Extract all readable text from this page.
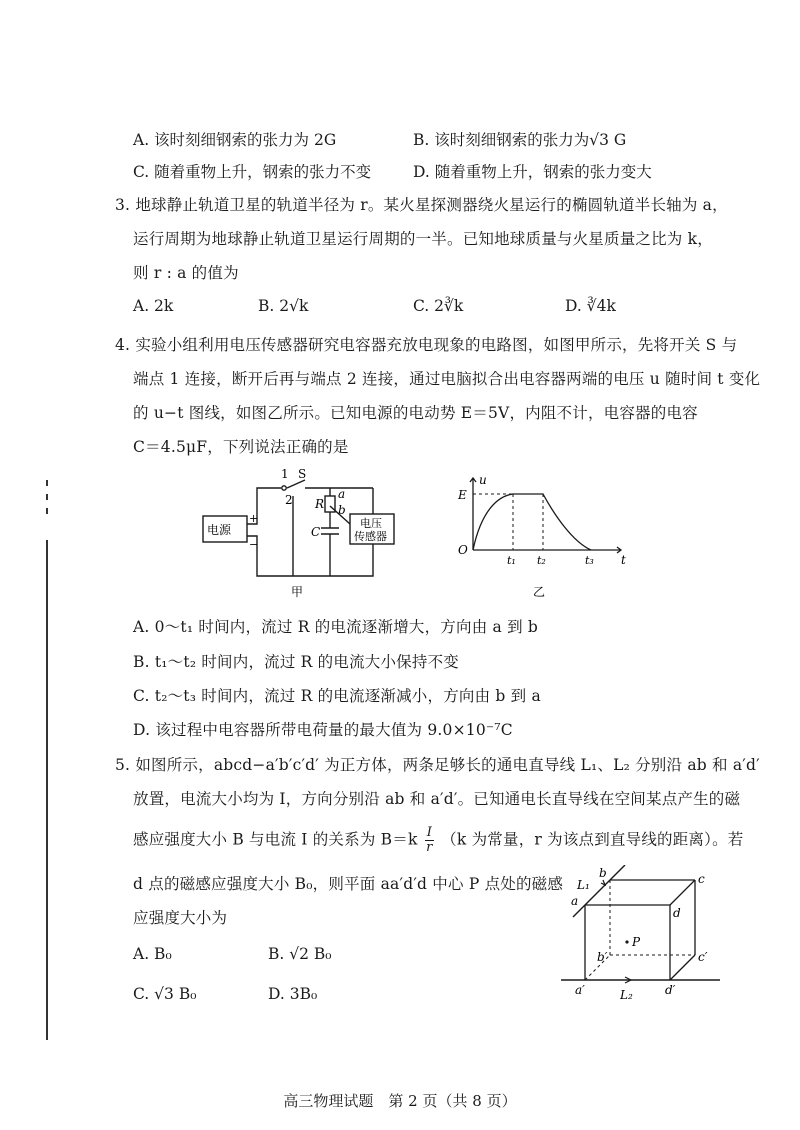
A. 该时刻细钢索的张力为 2G	B. 该时刻细钢索的张力为√3 G
C. 随着重物上升，钢索的张力不变	D. 随着重物上升，钢索的张力变大
3. 地球静止轨道卫星的轨道半径为 r。某火星探测器绕火星运行的椭圆轨道半长轴为 a，
运行周期为地球静止轨道卫星运行周期的一半。已知地球质量与火星质量之比为 k，
则 r : a 的值为
A. 2k	B. 2√k	C. 2∛k	D. ∛4k
4. 实验小组利用电压传感器研究电容器充放电现象的电路图，如图甲所示，先将开关 S 与
端点 1 连接，断开后再与端点 2 连接，通过电脑拟合出电容器两端的电压 u 随时间 t 变化
的 u−t 图线，如图乙所示。已知电源的电动势 E＝5V，内阻不计，电容器的电容
C＝4.5μF，下列说法正确的是
1 S
2 R
a
b
C
+
−
电源	电压
传感器
甲
u
t
E
O
t₁ t₂	t₃
乙
A. 0～t₁ 时间内，流过 R 的电流逐渐增大，方向由 a 到 b
B. t₁～t₂ 时间内，流过 R 的电流大小保持不变
C. t₂～t₃ 时间内，流过 R 的电流逐渐减小，方向由 b 到 a
D. 该过程中电容器所带电荷量的最大值为 9.0×10⁻⁷C
5. 如图所示，abcd−a′b′c′d′ 为正方体，两条足够长的通电直导线 L₁、L₂ 分别沿 ab 和 a′d′
放置，电流大小均为 I，方向分别沿 ab 和 a′d′。已知通电长直导线在空间某点产生的磁
感应强度大小 B 与电流 I 的关系为 $B=k \frac{I}{r} (k$ 为常量，r 为该点到直导线的距离）。若
d 点的磁感应强度大小 B₀，则平面 aa′d′d 中心 P 点处的磁感
应强度大小为
A. B₀	B. √2 B₀
C. √3 B₀	D. 3B₀
a
b	c
d
a′
b′	c′
d′
P
L₁
L₂
高三物理试题　第 2 页（共 8 页）
